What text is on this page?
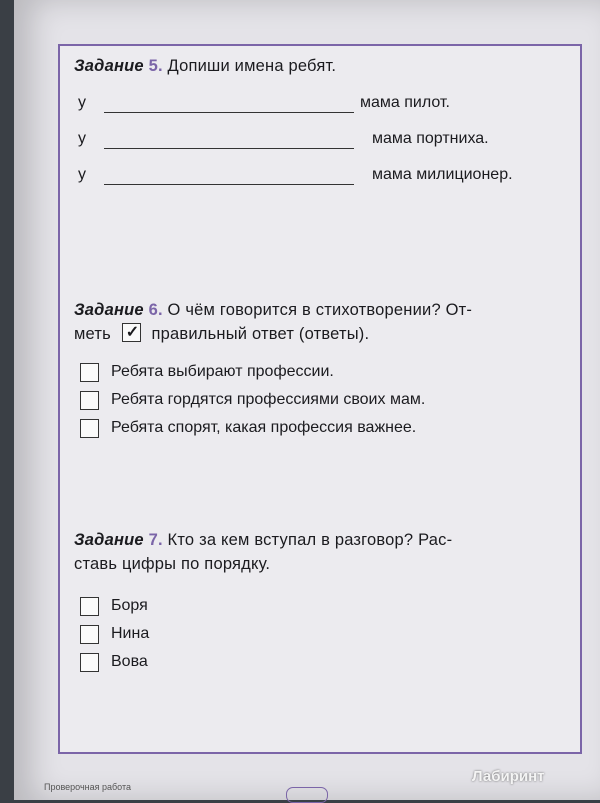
Задание 5. Допиши имена ребят.
у	мама пилот.
у	мама портниха.
у	мама милиционер.
Задание 6. О чём говорится в стихотворении? От-
меть ✓ правильный ответ (ответы).
Ребята выбирают профессии.
Ребята гордятся профессиями своих мам.
Ребята спорят, какая профессия важнее.
Задание 7. Кто за кем вступал в разговор? Рас-
ставь цифры по порядку.
Боря
Нина
Вова
Проверочная работа
Лабиринт
